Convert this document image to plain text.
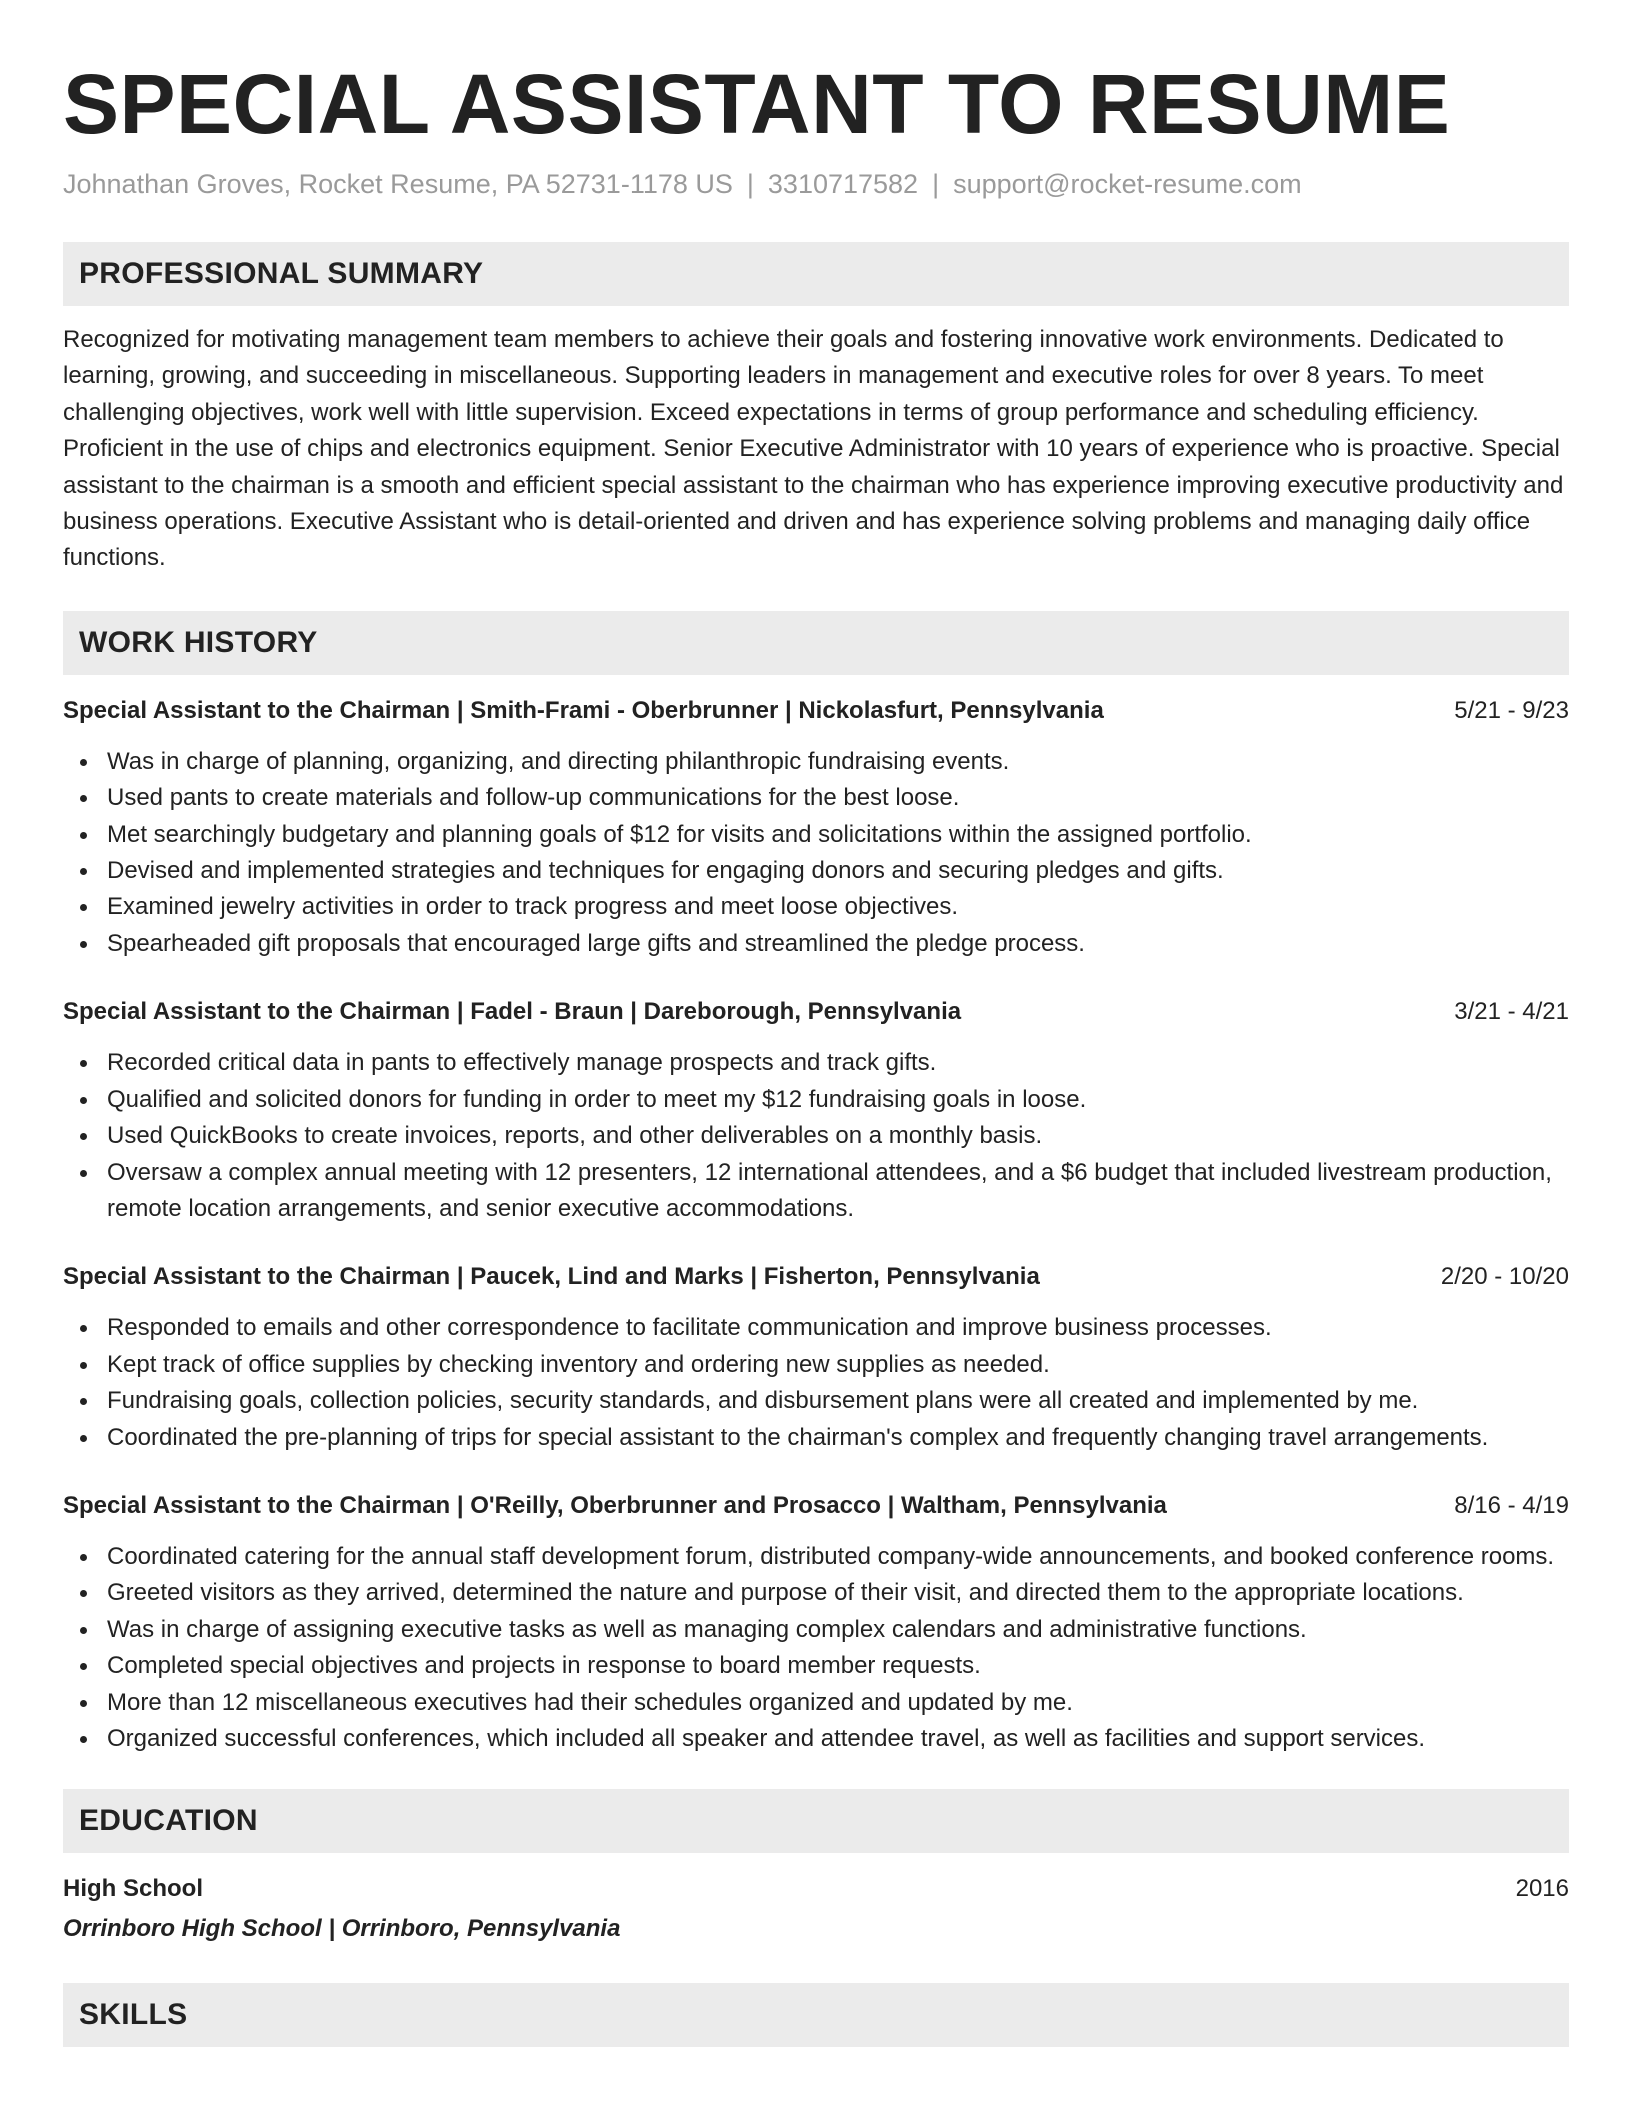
SPECIAL ASSISTANT TO RESUME
Johnathan Groves, Rocket Resume, PA 52731-1178 US | 3310717582 | support@rocket-resume.com
PROFESSIONAL SUMMARY

Recognized for motivating management team members to achieve their goals and fostering innovative work environments. Dedicated to learning, growing, and succeeding in miscellaneous. Supporting leaders in management and executive roles for over 8 years. To meet challenging objectives, work well with little supervision. Exceed expectations in terms of group performance and scheduling efficiency. Proficient in the use of chips and electronics equipment. Senior Executive Administrator with 10 years of experience who is proactive. Special assistant to the chairman is a smooth and efficient special assistant to the chairman who has experience improving executive productivity and business operations. Executive Assistant who is detail-oriented and driven and has experience solving problems and managing daily office functions.

WORK HISTORY
Special Assistant to the Chairman | Smith-Frami - Oberbrunner | Nickolasfurt, Pennsylvania	5/21 - 9/23
Was in charge of planning, organizing, and directing philanthropic fundraising events.
Used pants to create materials and follow-up communications for the best loose.
Met searchingly budgetary and planning goals of $12 for visits and solicitations within the assigned portfolio.
Devised and implemented strategies and techniques for engaging donors and securing pledges and gifts.
Examined jewelry activities in order to track progress and meet loose objectives.
Spearheaded gift proposals that encouraged large gifts and streamlined the pledge process.
Special Assistant to the Chairman | Fadel - Braun | Dareborough, Pennsylvania	3/21 - 4/21
Recorded critical data in pants to effectively manage prospects and track gifts.
Qualified and solicited donors for funding in order to meet my $12 fundraising goals in loose.
Used QuickBooks to create invoices, reports, and other deliverables on a monthly basis.
Oversaw a complex annual meeting with 12 presenters, 12 international attendees, and a $6 budget that included livestream production, remote location arrangements, and senior executive accommodations.
Special Assistant to the Chairman | Paucek, Lind and Marks | Fisherton, Pennsylvania	2/20 - 10/20
Responded to emails and other correspondence to facilitate communication and improve business processes.
Kept track of office supplies by checking inventory and ordering new supplies as needed.
Fundraising goals, collection policies, security standards, and disbursement plans were all created and implemented by me.
Coordinated the pre-planning of trips for special assistant to the chairman's complex and frequently changing travel arrangements.
Special Assistant to the Chairman | O'Reilly, Oberbrunner and Prosacco | Waltham, Pennsylvania	8/16 - 4/19
Coordinated catering for the annual staff development forum, distributed company-wide announcements, and booked conference rooms.
Greeted visitors as they arrived, determined the nature and purpose of their visit, and directed them to the appropriate locations.
Was in charge of assigning executive tasks as well as managing complex calendars and administrative functions.
Completed special objectives and projects in response to board member requests.
More than 12 miscellaneous executives had their schedules organized and updated by me.
Organized successful conferences, which included all speaker and attendee travel, as well as facilities and support services.
EDUCATION
High School	2016
Orrinboro High School | Orrinboro, Pennsylvania
SKILLS
